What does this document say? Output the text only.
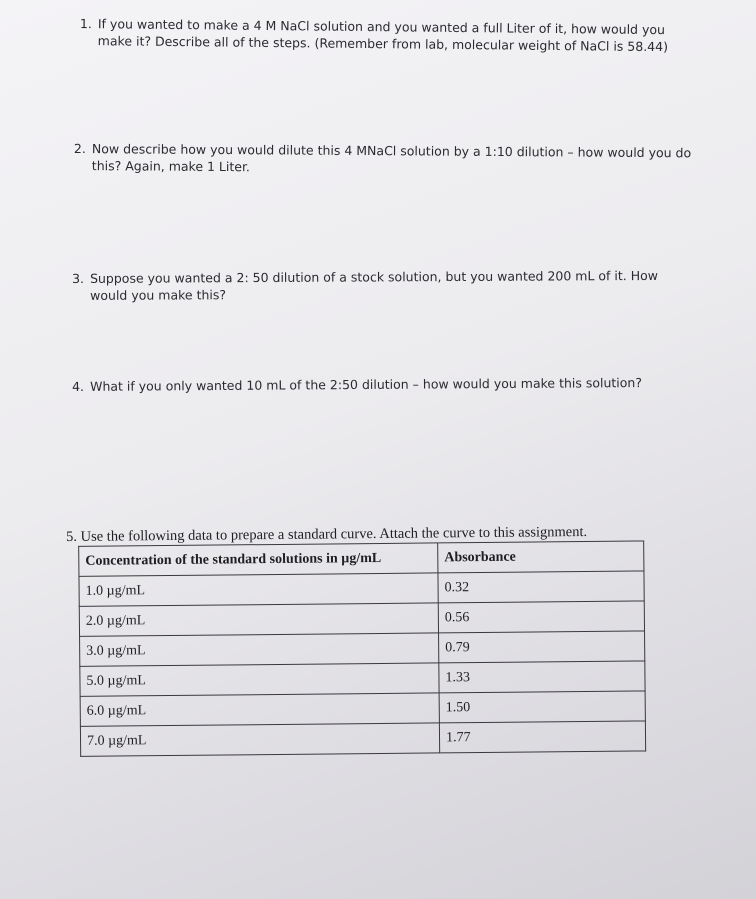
1. If you wanted to make a 4 M NaCl solution and you wanted a full Liter of it, how would you make it? Describe all of the steps. (Remember from lab, molecular weight of NaCl is 58.44)
2. Now describe how you would dilute this 4 MNaCl solution by a 1:10 dilution – how would you do this? Again, make 1 Liter.
3. Suppose you wanted a 2: 50 dilution of a stock solution, but you wanted 200 mL of it. How would you make this?
4. What if you only wanted 10 mL of the 2:50 dilution – how would you make this solution?
5. Use the following data to prepare a standard curve. Attach the curve to this assignment.
Concentration of the standard solutions in µg/mL	Absorbance
1.0 µg/mL	0.32
2.0 µg/mL	0.56
3.0 µg/mL	0.79
5.0 µg/mL	1.33
6.0 µg/mL	1.50
7.0 µg/mL	1.77
